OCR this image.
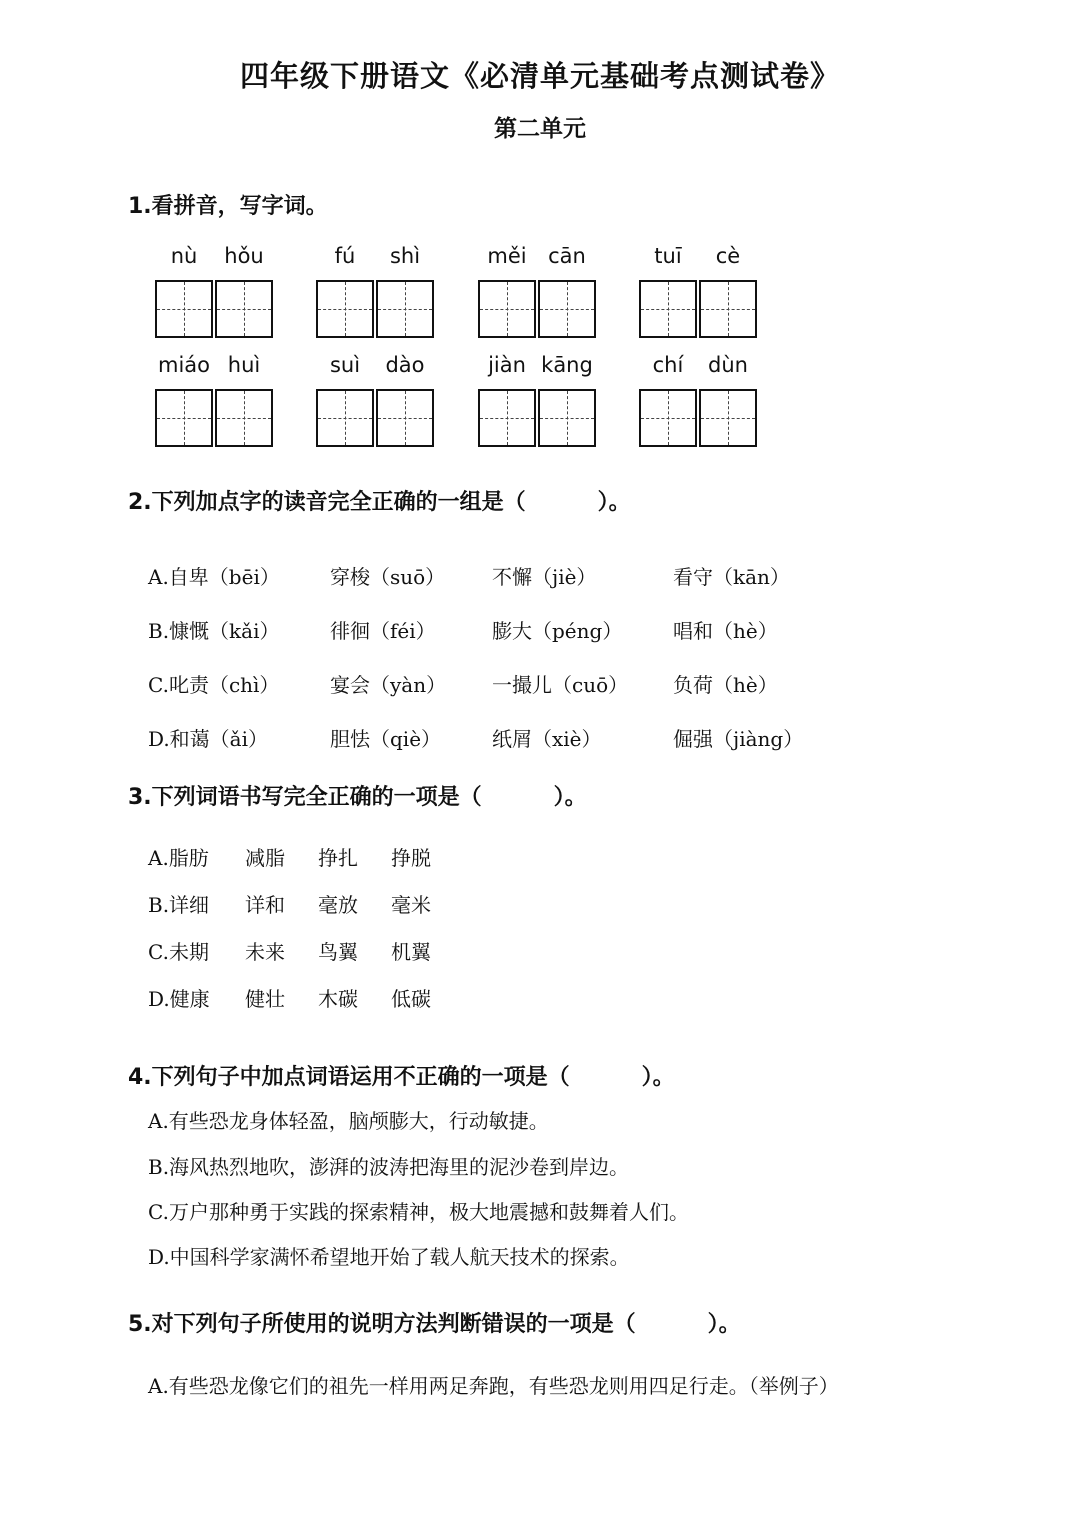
四年级下册语文《必清单元基础考点测试卷》
第二单元
1.看拼音，写字词。
nù	hǒu	fú	shì	měi	cān	tuī	cè
miáo huì	suì	dào	jiàn kāng	chí	dùn
2.下列加点字的读音完全正确的一组是（	）。
A.自卑（bēi）	穿梭（suō） 不懈（jiè）	看守（kān）
B.慷慨（kǎi）	徘徊（féi）	膨大（péng）	唱和（hè）
C.叱责（chì）	宴会（yàn） 一撮儿（cuō） 负荷（hè）
D.和蔼（ǎi）	胆怯（qiè）	纸屑（xiè）	倔强（jiàng）
3.下列词语书写完全正确的一项是（	）。
A.脂肪 减脂 挣扎 挣脱
B.详细 详和 毫放 毫米
C.未期 未来 鸟翼 机翼
D.健康 健壮 木碳 低碳
4.下列句子中加点词语运用不正确的一项是（	）。
A.有些恐龙身体轻盈，脑颅膨大，行动敏捷。
B.海风热烈地吹，澎湃的波涛把海里的泥沙卷到岸边。
C.万户那种勇于实践的探索精神，极大地震撼和鼓舞着人们。
D.中国科学家满怀希望地开始了载人航天技术的探索。
5.对下列句子所使用的说明方法判断错误的一项是（	）。
A.有些恐龙像它们的祖先一样用两足奔跑，有些恐龙则用四足行走。（举例子）
